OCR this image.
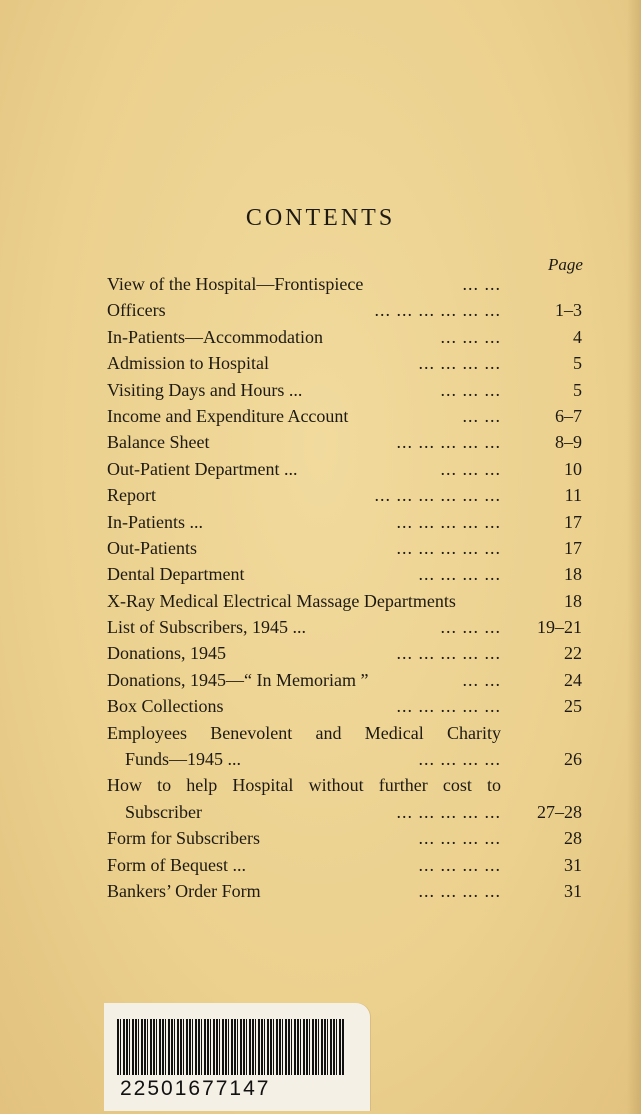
CONTENTS
Page
View of the Hospital—Frontispiece	... ...
Officers	... ... ... ... ... ...	1–3
In-Patients—Accommodation	... ... ...	4
Admission to Hospital	... ... ... ...	5
Visiting Days and Hours ...	... ... ...	5
Income and Expenditure Account	... ...	6–7
Balance Sheet	... ... ... ... ...	8–9
Out-Patient Department ...	... ... ...	10
Report	... ... ... ... ... ...	11
In-Patients ...	... ... ... ... ...	17
Out-Patients	... ... ... ... ...	17
Dental Department	... ... ... ...	18
X-Ray Medical Electrical Massage Departments	18
List of Subscribers, 1945 ...	... ... ...	19–21
Donations, 1945	... ... ... ... ...	22
Donations, 1945—“ In Memoriam ”	... ...	24
Box Collections	... ... ... ... ...	25
Employees Benevolent and Medical Charity
Funds—1945 ...	... ... ... ...	26
How to help Hospital without further cost to
Subscriber	... ... ... ... ...	27–28
Form for Subscribers	... ... ... ...	28
Form of Bequest ...	... ... ... ...	31
Bankers’ Order Form	... ... ... ...	31
22501677147
